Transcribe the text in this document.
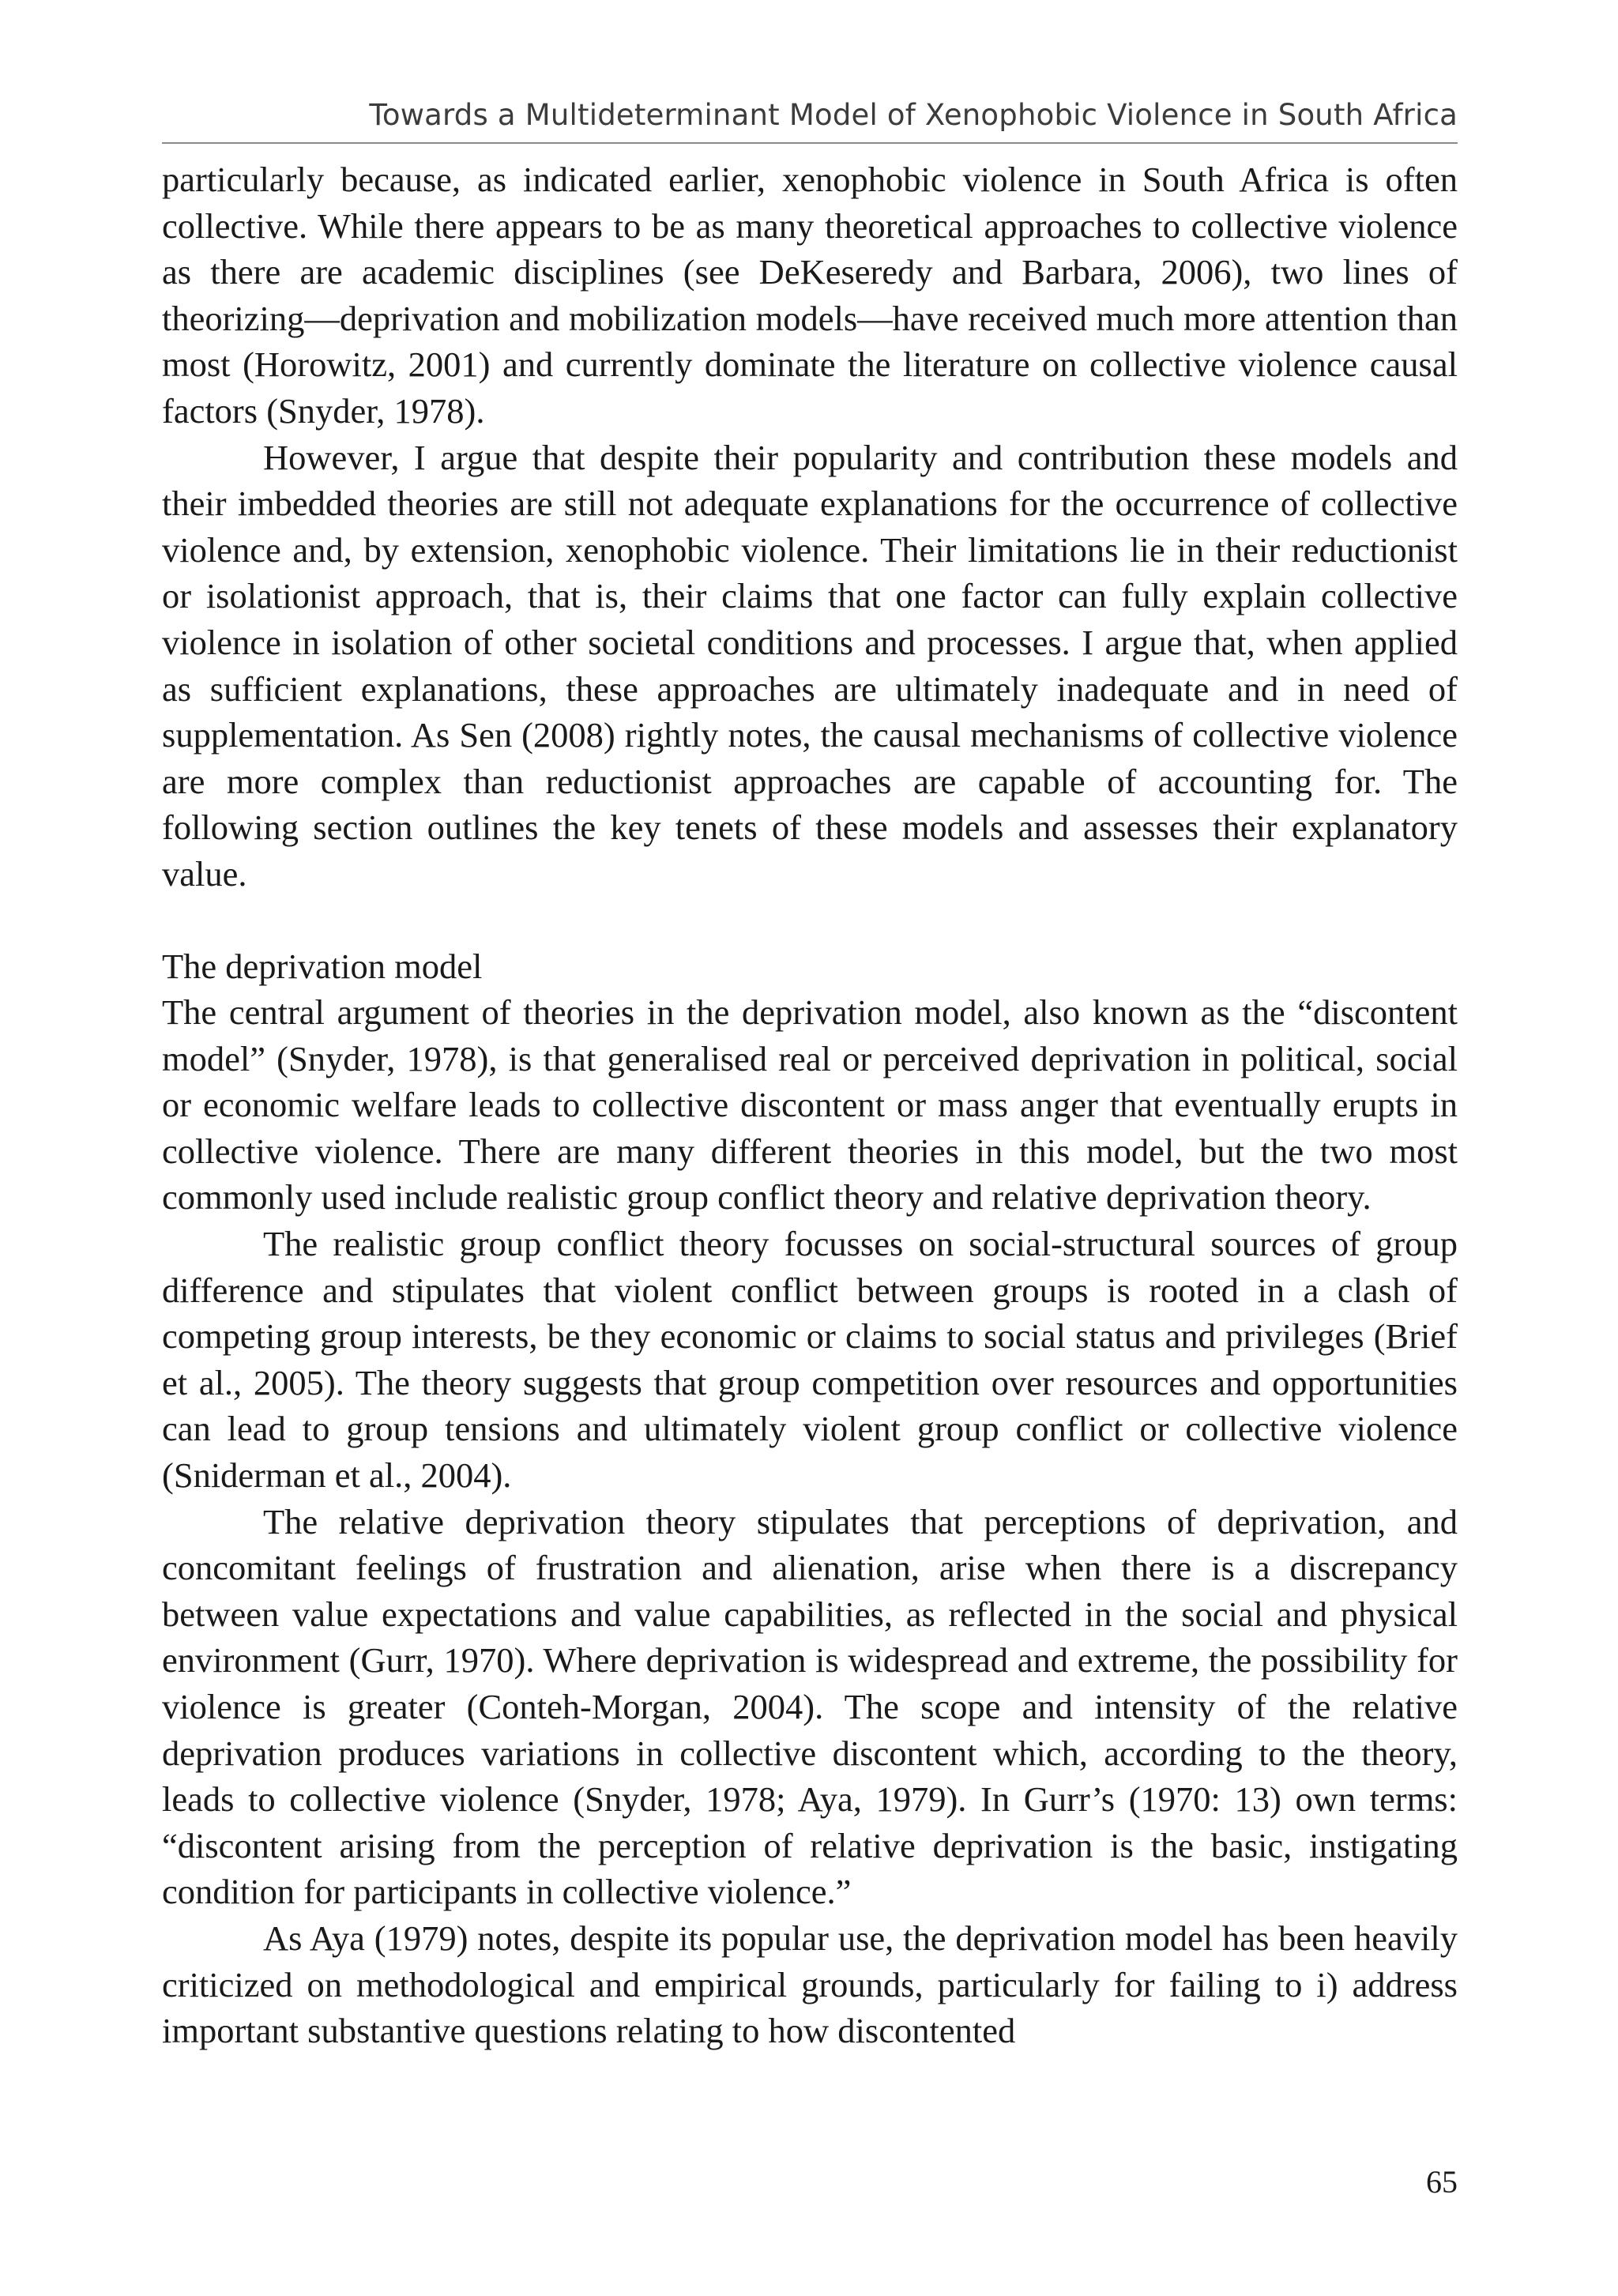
Towards a Multideterminant Model of Xenophobic Violence in South Africa

particularly because, as indicated earlier, xenophobic violence in South Africa is often collective. While there appears to be as many theoretical approaches to collective violence as there are academic disciplines (see DeKeseredy and Barbara, 2006), two lines of theorizing—deprivation and mobilization models—have received much more attention than most (Horowitz, 2001) and currently dominate the literature on collective violence causal factors (Snyder, 1978).

However, I argue that despite their popularity and contribution these models and their imbedded theories are still not adequate explanations for the occurrence of collective violence and, by extension, xenophobic violence. Their limitations lie in their reductionist or isolationist approach, that is, their claims that one factor can fully explain collective violence in isolation of other societal conditions and processes. I argue that, when applied as sufficient explanations, these approaches are ultimately inadequate and in need of supplementation. As Sen (2008) rightly notes, the causal mechanisms of collective violence are more complex than reductionist approaches are capable of accounting for. The following section outlines the key tenets of these models and assesses their explanatory value.

The deprivation model

The central argument of theories in the deprivation model, also known as the “discontent model” (Snyder, 1978), is that generalised real or perceived deprivation in political, social or economic welfare leads to collective discontent or mass anger that eventually erupts in collective violence. There are many different theories in this model, but the two most commonly used include realistic group conflict theory and relative deprivation theory.

The realistic group conflict theory focusses on social-structural sources of group difference and stipulates that violent conflict between groups is rooted in a clash of competing group interests, be they economic or claims to social status and privileges (Brief et al., 2005). The theory suggests that group competition over resources and opportunities can lead to group tensions and ultimately violent group conflict or collective violence (Sniderman et al., 2004).

The relative deprivation theory stipulates that perceptions of deprivation, and concomitant feelings of frustration and alienation, arise when there is a discrepancy between value expectations and value capabilities, as reflected in the social and physical environment (Gurr, 1970). Where deprivation is widespread and extreme, the possibility for violence is greater (Conteh-Morgan, 2004). The scope and intensity of the relative deprivation produces variations in collective discontent which, according to the theory, leads to collective violence (Snyder, 1978; Aya, 1979). In Gurr’s (1970: 13) own terms: “discontent arising from the perception of relative deprivation is the basic, instigating condition for participants in collective violence.”

As Aya (1979) notes, despite its popular use, the deprivation model has been heavily criticized on methodological and empirical grounds, particularly for failing to i) address important substantive questions relating to how discontented

65
